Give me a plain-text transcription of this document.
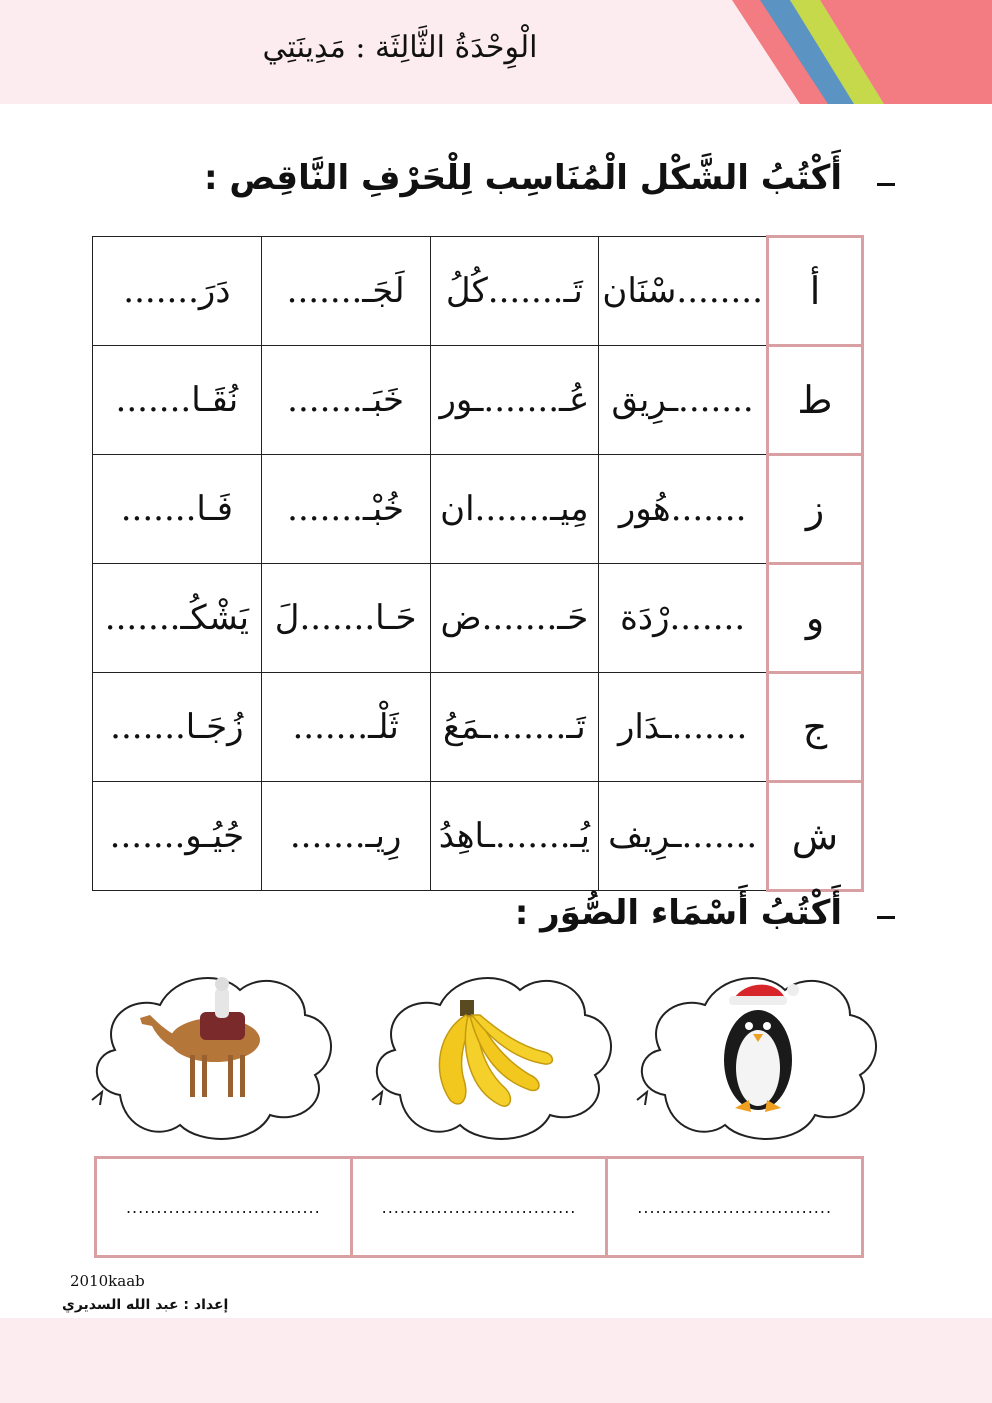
الْوِحْدَةُ الثَّالِثَة : مَدِينَتِي
أَكْتُبُ الشَّكْل الْمُنَاسِب لِلْحَرْفِ النَّاقِص :
أ	........سْنَان	تَـ.......كُلُ	لَجَـ.......	دَرَ.......
ط	.......ـرِيق	عُـ.......ـور	خَبَـ.......	نُقَـا.......
ز	.......هُور	مِيـ.......ان	خُبْـ.......	فَـا.......
و	.......رْدَة	حَـ.......ض	حَـا.......لَ	يَشْكُـ.......
ج	.......ـدَار	تَـ.......ـمَعُ	ثَلْـ.......	زُجَـا.......
ش	.......ـرِيف	يُـ.......ـاهِدُ	رِيـ.......	جُيُـو.......
أَكْتُبُ أَسْمَاء الصُّوَر :
................................	................................	................................
2010kaab
إعداد : عبد الله السديري
